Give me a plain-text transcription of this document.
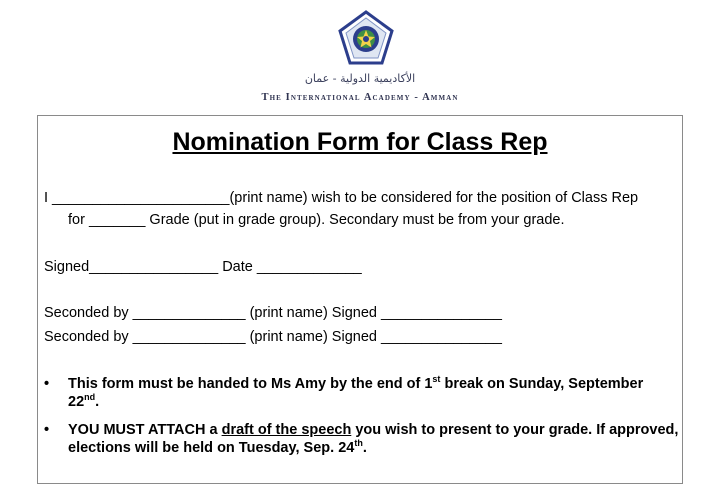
الأكاديمية الدولية - عمان
The International Academy - Amman
Nomination Form for Class Rep
I ______________________(print name) wish to be considered for the position of Class Rep
for _______ Grade (put in grade group). Secondary must be from your grade.
Signed________________ Date _____________
Seconded by ______________ (print name) Signed _______________
Seconded by ______________ (print name) Signed _______________
• This form must be handed to Ms Amy by the end of 1st break on Sunday, September
22nd.
• YOU MUST ATTACH a draft of the speech you wish to present to your grade. If approved,
elections will be held on Tuesday, Sep. 24th.
